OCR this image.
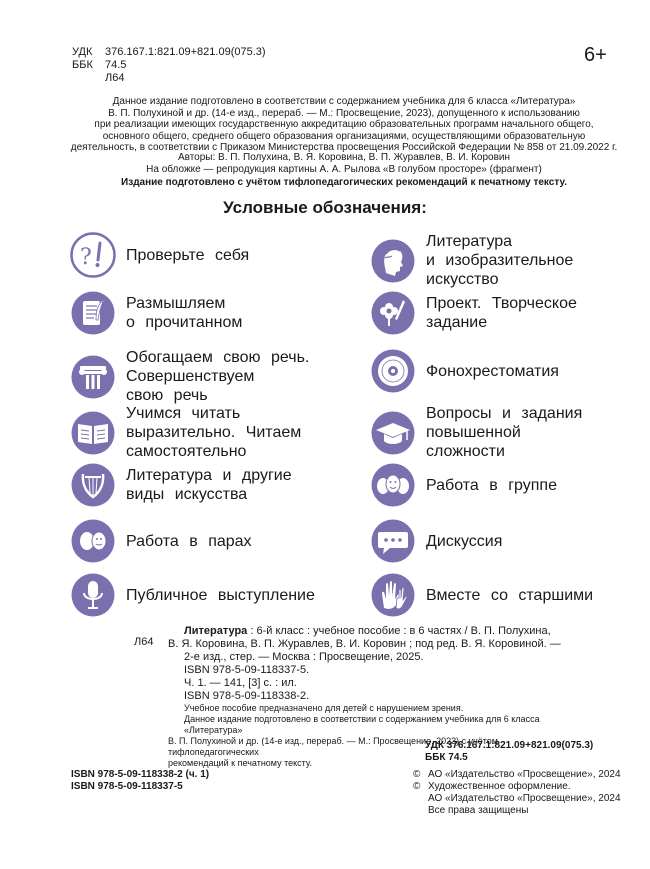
УДК	376.167.1:821.09+821.09(075.3)
ББК	74.5
Л64
6+
Данное издание подготовлено в соответствии с содержанием учебника для 6 класса «Литература»
В. П. Полухиной и др. (14-е изд., перераб. — М.: Просвещение, 2023), допущенного к использованию
при реализации имеющих государственную аккредитацию образовательных программ начального общего,
основного общего, среднего общего образования организациями, осуществляющими образовательную
деятельность, в соответствии с Приказом Министерства просвещения Российской Федерации № 858 от 21.09.2022 г.
Авторы: В. П. Полухина, В. Я. Коровина, В. П. Журавлев, В. И. Коровин
На обложке — репродукция картины А. А. Рылова «В голубом просторе» (фрагмент)
Издание подготовлено с учётом тифлопедагогических рекомендаций к печатному тексту.
Условные обозначения:
? Проверьте себя
Литература
и изобразительное
искусство
Размышляем
о прочитанном
Проект. Творческое
задание
Обогащаем свою речь.
Совершенствуем
свою речь
Фонохрестоматия
Учимся читать
выразительно. Читаем
самостоятельно
Вопросы и задания
повышенной
сложности
Литература и другие
виды искусства
Работа в группе
Работа в парах	Дискуссия
Публичное выступление	Вместе со старшими
Л64
Литература : 6-й класс : учебное пособие : в 6 частях / В. П. Полухина,
В. Я. Коровина, В. П. Журавлев, В. И. Коровин ; под ред. В. Я. Коровиной. —
2-е изд., стер. — Москва : Просвещение, 2025.
ISBN 978-5-09-118337-5.
Ч. 1. — 141, [3] с. : ил.
ISBN 978-5-09-118338-2.
Учебное пособие предназначено для детей с нарушением зрения.
Данное издание подготовлено в соответствии с содержанием учебника для 6 класса «Литература»
В. П. Полухиной и др. (14-е изд., перераб. — М.: Просвещение, 2023) с учётом тифлопедагогических
рекомендаций к печатному тексту.
УДК 376.167.1:821.09+821.09(075.3)
ББК 74.5
ISBN 978-5-09-118338-2 (ч. 1)
ISBN 978-5-09-118337-5
© АО «Издательство «Просвещение», 2024
© Художественное оформление.
АО «Издательство «Просвещение», 2024
Все права защищены
